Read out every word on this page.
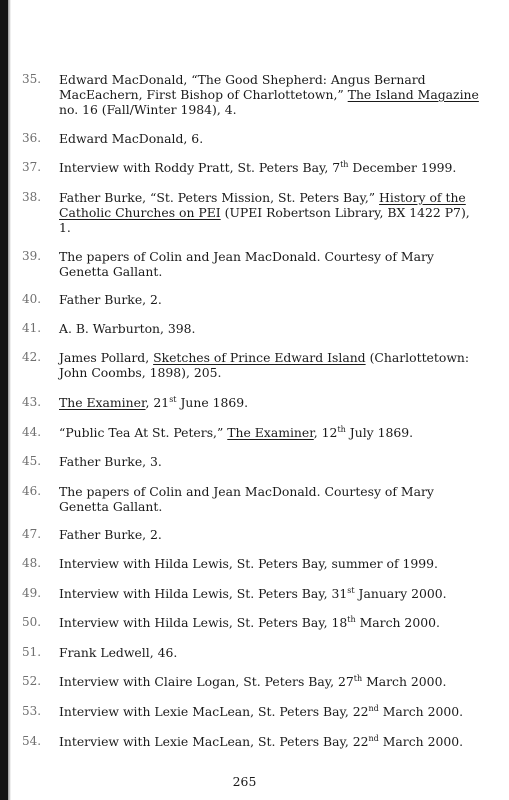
35. Edward MacDonald, “The Good Shepherd: Angus Bernard MacEachern, First Bishop of Charlottetown,” The Island Magazine no. 16 (Fall/Winter 1984), 4.
36. Edward MacDonald, 6.
37. Interview with Roddy Pratt, St. Peters Bay, 7th December 1999.
38. Father Burke, “St. Peters Mission, St. Peters Bay,” History of the Catholic Churches on PEI (UPEI Robertson Library, BX 1422 P7), 1.
39. The papers of Colin and Jean MacDonald. Courtesy of Mary Genetta Gallant.
40. Father Burke, 2.
41. A. B. Warburton, 398.
42. James Pollard, Sketches of Prince Edward Island (Charlottetown: John Coombs, 1898), 205.
43. The Examiner, 21st June 1869.
44. “Public Tea At St. Peters,” The Examiner, 12th July 1869.
45. Father Burke, 3.
46. The papers of Colin and Jean MacDonald. Courtesy of Mary Genetta Gallant.
47. Father Burke, 2.
48. Interview with Hilda Lewis, St. Peters Bay, summer of 1999.
49. Interview with Hilda Lewis, St. Peters Bay, 31st January 2000.
50. Interview with Hilda Lewis, St. Peters Bay, 18th March 2000.
51. Frank Ledwell, 46.
52. Interview with Claire Logan, St. Peters Bay, 27th March 2000.
53. Interview with Lexie MacLean, St. Peters Bay, 22nd March 2000.
54. Interview with Lexie MacLean, St. Peters Bay, 22nd March 2000.
265
